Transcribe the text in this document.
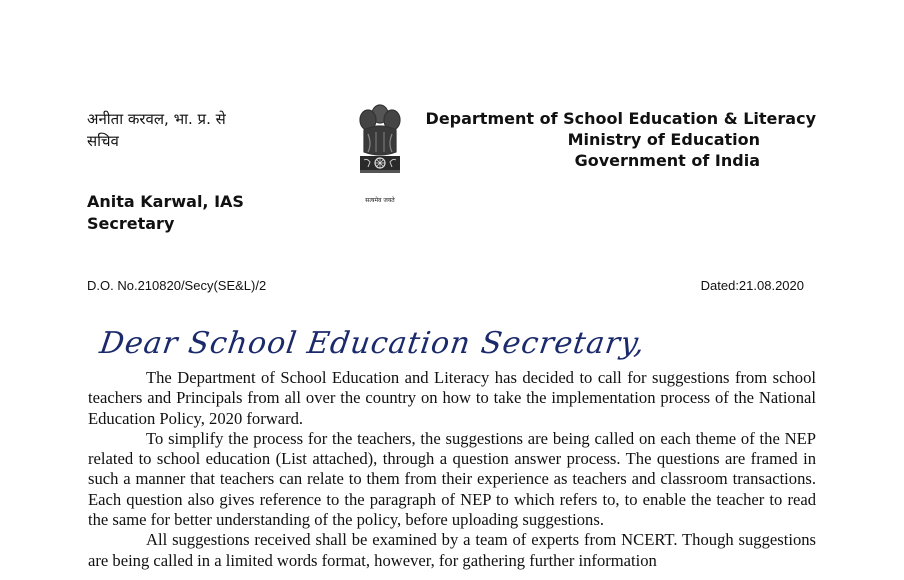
अनीता करवल, भा. प्र. से
सचिव
Anita Karwal, IAS
Secretary
सत्यमेव जयते
Department of School Education & Literacy
Ministry of Education
Government of India
D.O. No.210820/Secy(SE&L)/2	Dated:21.08.2020
Dear School Education Secretary,

The Department of School Education and Literacy has decided to call for suggestions from school teachers and Principals from all over the country on how to take the implementation process of the National Education Policy, 2020 forward.

To simplify the process for the teachers, the suggestions are being called on each theme of the NEP related to school education (List attached), through a question answer process. The questions are framed in such a manner that teachers can relate to them from their experience as teachers and classroom transactions. Each question also gives reference to the paragraph of NEP to which refers to, to enable the teacher to read the same for better understanding of the policy, before uploading suggestions.

All suggestions received shall be examined by a team of experts from NCERT. Though suggestions are being called in a limited words format, however, for gathering further information
